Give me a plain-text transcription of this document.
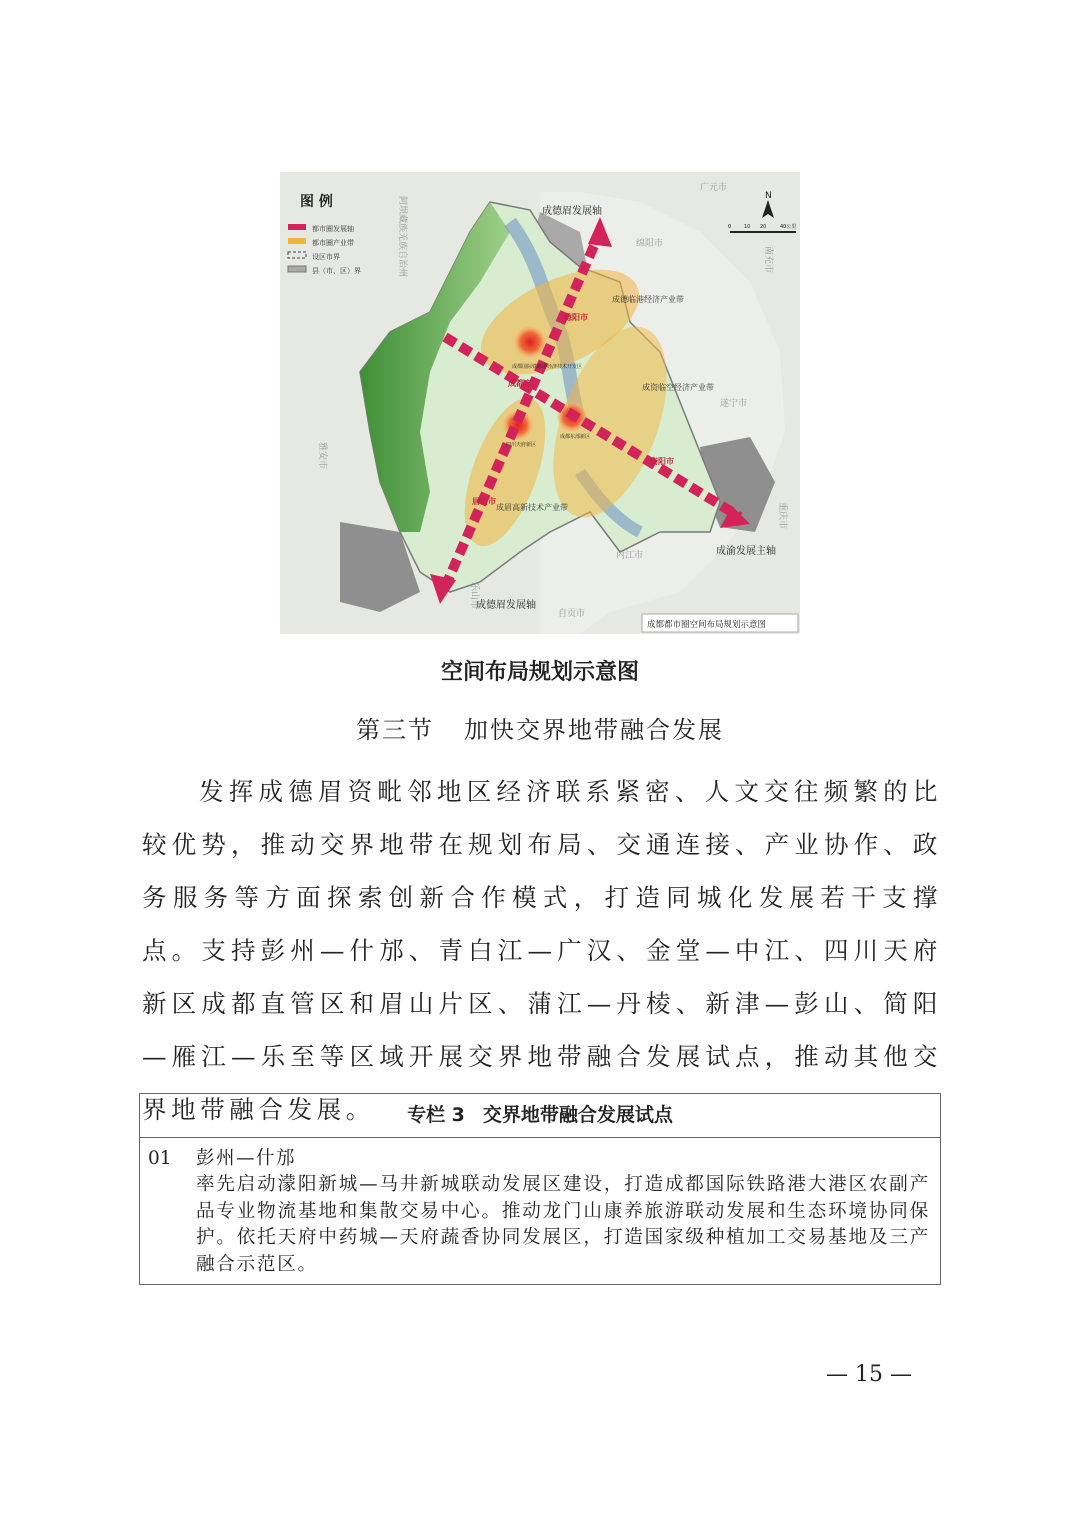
图 例
都市圈发展轴
都市圈产业带
设区市界
县（市、区）界
成德眉发展轴
成德眉发展轴
成渝发展主轴
成德临港经济产业带
成资临空经济产业带
成眉高新技术产业带
德阳市
成都市
眉山市
资阳市
成都国际铁路港经济技术开发区
四川天府新区
成都东部新区
阿坝藏族羌族自治州
广元市
绵阳市
南充市
遂宁市
重庆市
内江市
自贡市
雅安市
乐山市
N
0	10 20	40公里
成都都市圈空间布局规划示意图
空间布局规划示意图
第三节 加快交界地带融合发展

发挥成德眉资毗邻地区经济联系紧密、人文交往频繁的比较优势，推动交界地带在规划布局、交通连接、产业协作、政务服务等方面探索创新合作模式，打造同城化发展若干支撑点。支持彭州—什邡、青白江—广汉、金堂—中江、四川天府新区成都直管区和眉山片区、蒲江—丹棱、新津—彭山、简阳—雁江—乐至等区域开展交界地带融合发展试点，推动其他交界地带融合发展。	专栏 3 交界地带融合发展试点
01 彭州—什邡
率先启动濛阳新城—马井新城联动发展区建设，打造成都国际铁路港大港区农副产品专业物流基地和集散交易中心。推动龙门山康养旅游联动发展和生态环境协同保护。依托天府中药城—天府蔬香协同发展区，打造国家级种植加工交易基地及三产融合示范区。
— 15 —
